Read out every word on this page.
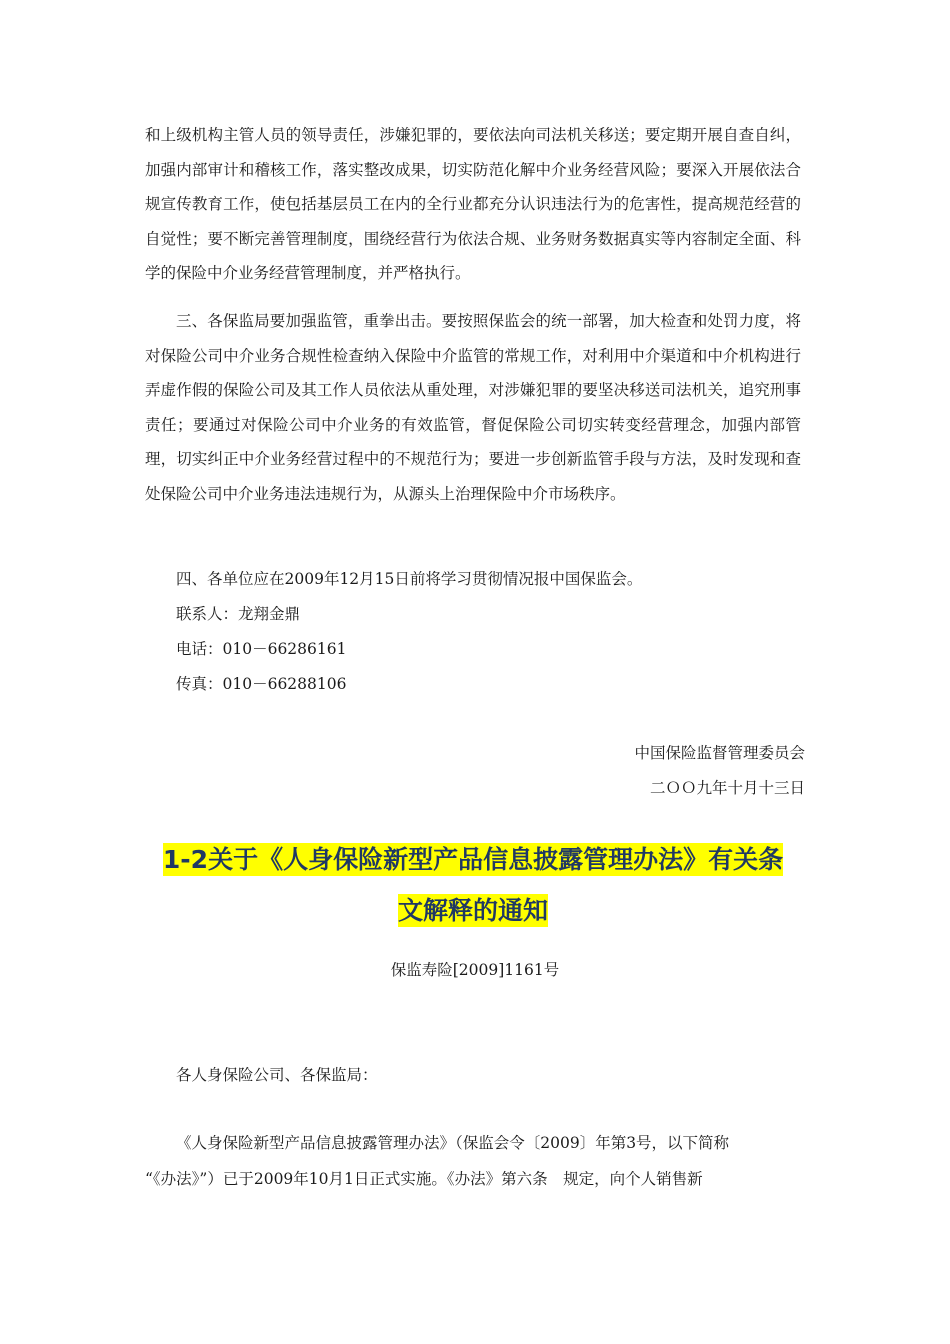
和上级机构主管人员的领导责任，涉嫌犯罪的，要依法向司法机关移送；要定期开展自查自纠，加强内部审计和稽核工作，落实整改成果，切实防范化解中介业务经营风险；要深入开展依法合规宣传教育工作，使包括基层员工在内的全行业都充分认识违法行为的危害性，提高规范经营的自觉性；要不断完善管理制度，围绕经营行为依法合规、业务财务数据真实等内容制定全面、科学的保险中介业务经营管理制度，并严格执行。

三、各保监局要加强监管，重拳出击。要按照保监会的统一部署，加大检查和处罚力度，将对保险公司中介业务合规性检查纳入保险中介监管的常规工作，对利用中介渠道和中介机构进行弄虚作假的保险公司及其工作人员依法从重处理，对涉嫌犯罪的要坚决移送司法机关，追究刑事责任；要通过对保险公司中介业务的有效监管，督促保险公司切实转变经营理念，加强内部管理，切实纠正中介业务经营过程中的不规范行为；要进一步创新监管手段与方法，及时发现和查处保险公司中介业务违法违规行为，从源头上治理保险中介市场秩序。

四、各单位应在2009年12月15日前将学习贯彻情况报中国保监会。

联系人：龙翔金鼎

电话：010－66286161

传真：010－66288106

中国保险监督管理委员会

二ＯＯ九年十月十三日

1-2关于《人身保险新型产品信息披露管理办法》有关条
文解释的通知

保监寿险[2009]1161号

各人身保险公司、各保监局：

《人身保险新型产品信息披露管理办法》（保监会令〔2009〕年第3号，以下简称

“《办法》”）已于2009年10月1日正式实施。《办法》第六条　规定，向个人销售新
